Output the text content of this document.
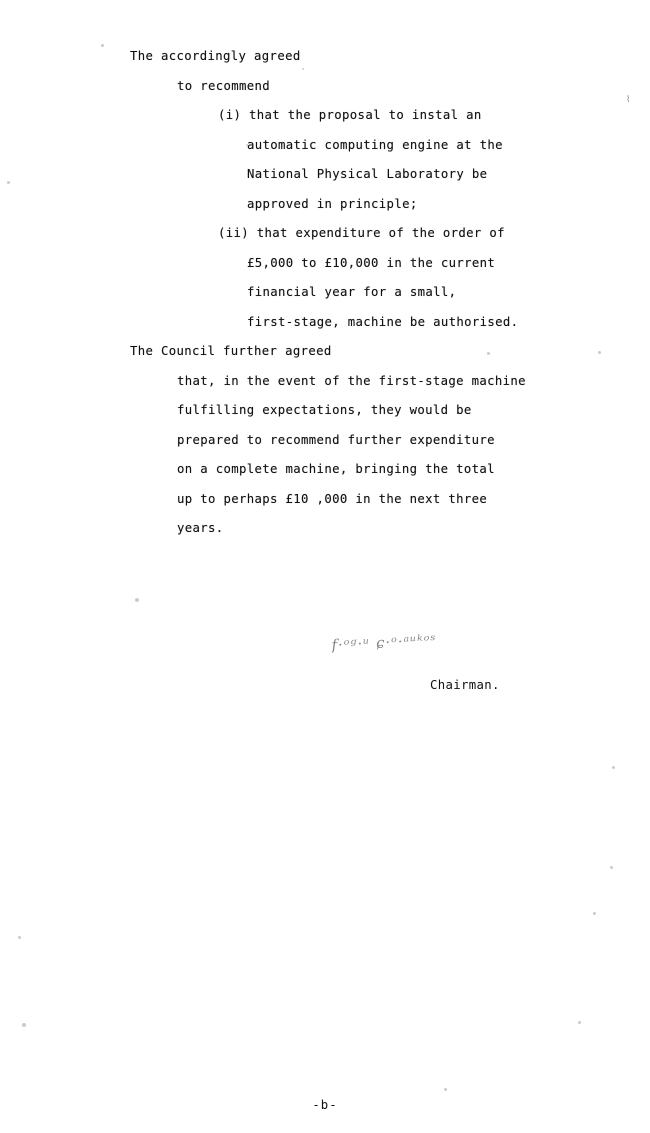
⌇
The accordingly agreed
to recommend
(i) that the proposal to instal an
automatic computing engine at the
National Physical Laboratory be
approved in principle;
(ii) that expenditure of the order of
£5,000 to £10,000 in the current
financial year for a small,
first-stage, machine be authorised.
The Council further agreed
that, in the event of the first-stage machine
fulfilling expectations, they would be
prepared to recommend further expenditure
on a complete machine, bringing the total
up to perhaps £10 ,000 in the next three
years.
ƒ·ᵒᵍ·ᵘ ɕ·ᵒ·ᵃᵘᵏᵒˢ
Chairman.
-b-
